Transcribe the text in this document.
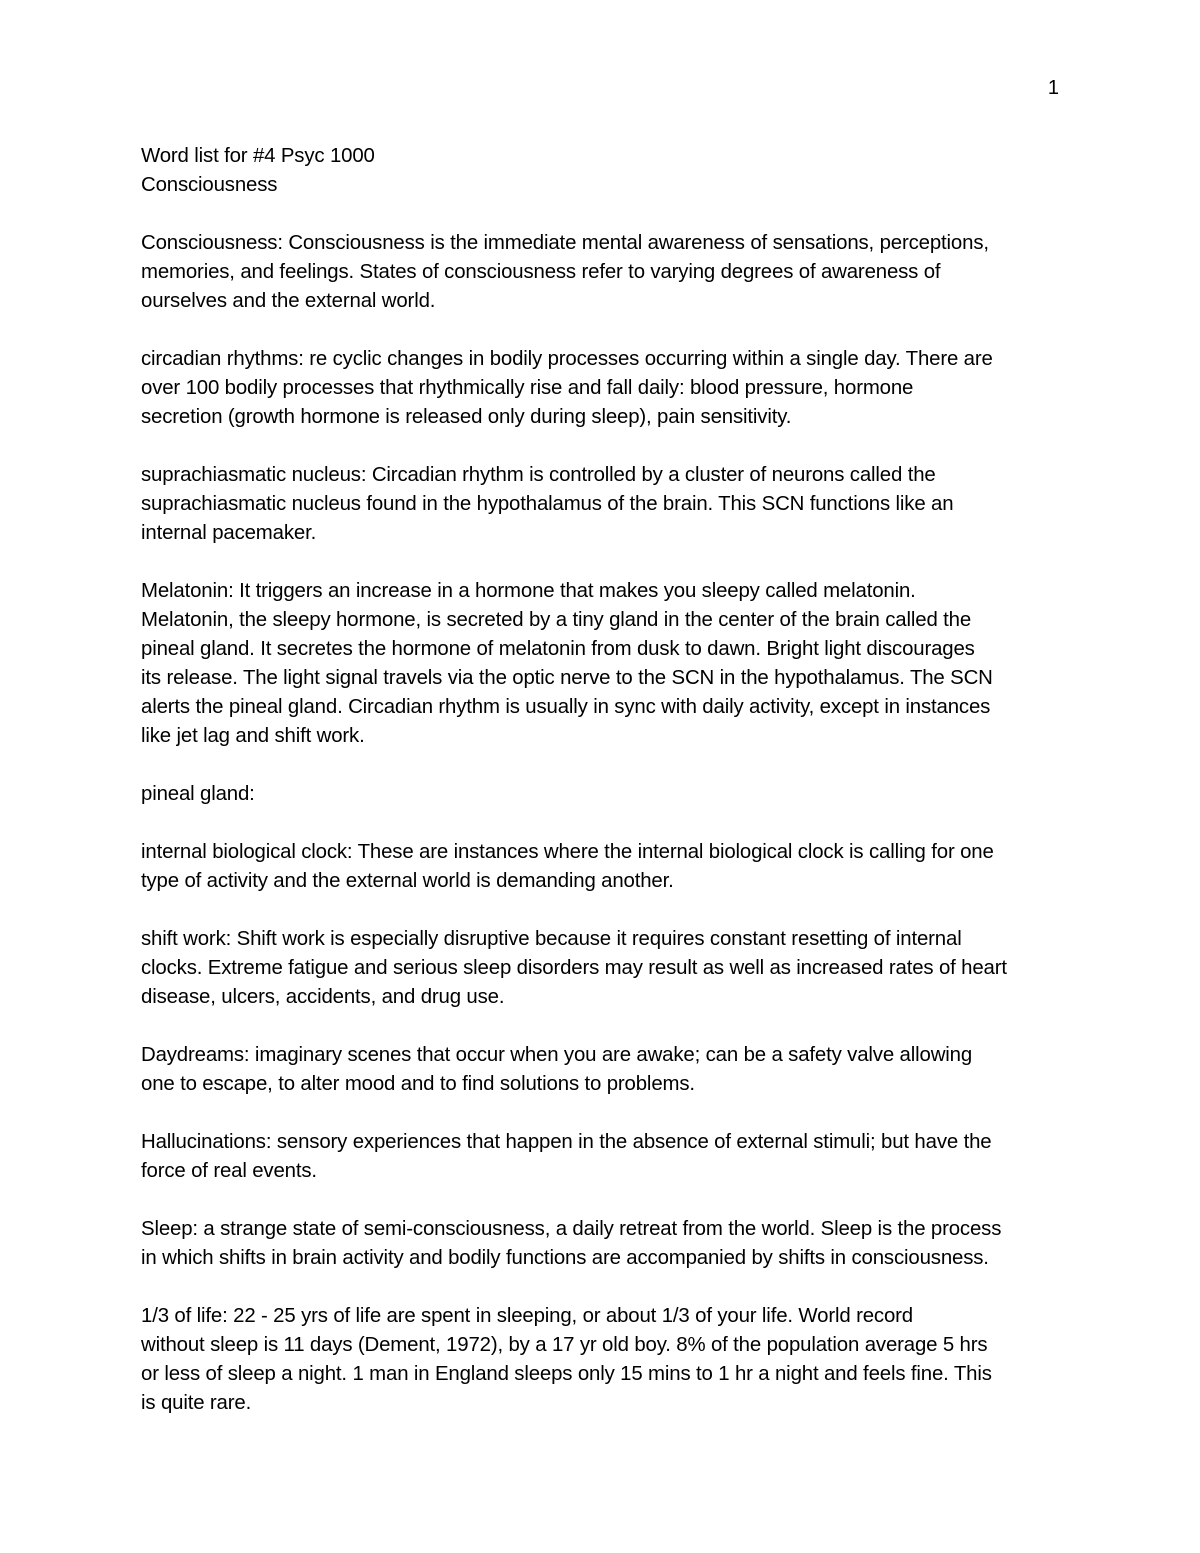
1
Word list for #4 Psyc 1000
Consciousness
Consciousness: Consciousness is the immediate mental awareness of sensations, perceptions,
memories, and feelings. States of consciousness refer to varying degrees of awareness of
ourselves and the external world.
circadian rhythms: re cyclic changes in bodily processes occurring within a single day. There are
over 100 bodily processes that rhythmically rise and fall daily: blood pressure, hormone
secretion (growth hormone is released only during sleep), pain sensitivity.
suprachiasmatic nucleus: Circadian rhythm is controlled by a cluster of neurons called the
suprachiasmatic nucleus found in the hypothalamus of the brain. This SCN functions like an
internal pacemaker.
Melatonin: It triggers an increase in a hormone that makes you sleepy called melatonin.
Melatonin, the sleepy hormone, is secreted by a tiny gland in the center of the brain called the
pineal gland. It secretes the hormone of melatonin from dusk to dawn. Bright light discourages
its release. The light signal travels via the optic nerve to the SCN in the hypothalamus. The SCN
alerts the pineal gland. Circadian rhythm is usually in sync with daily activity, except in instances
like jet lag and shift work.
pineal gland:
internal biological clock: These are instances where the internal biological clock is calling for one
type of activity and the external world is demanding another.
shift work: Shift work is especially disruptive because it requires constant resetting of internal
clocks. Extreme fatigue and serious sleep disorders may result as well as increased rates of heart
disease, ulcers, accidents, and drug use.
Daydreams: imaginary scenes that occur when you are awake; can be a safety valve allowing
one to escape, to alter mood and to find solutions to problems.
Hallucinations: sensory experiences that happen in the absence of external stimuli; but have the
force of real events.
Sleep: a strange state of semi-consciousness, a daily retreat from the world. Sleep is the process
in which shifts in brain activity and bodily functions are accompanied by shifts in consciousness.
1/3 of life: 22 - 25 yrs of life are spent in sleeping, or about 1/3 of your life. World record
without sleep is 11 days (Dement, 1972), by a 17 yr old boy. 8% of the population average 5 hrs
or less of sleep a night. 1 man in England sleeps only 15 mins to 1 hr a night and feels fine. This
is quite rare.
